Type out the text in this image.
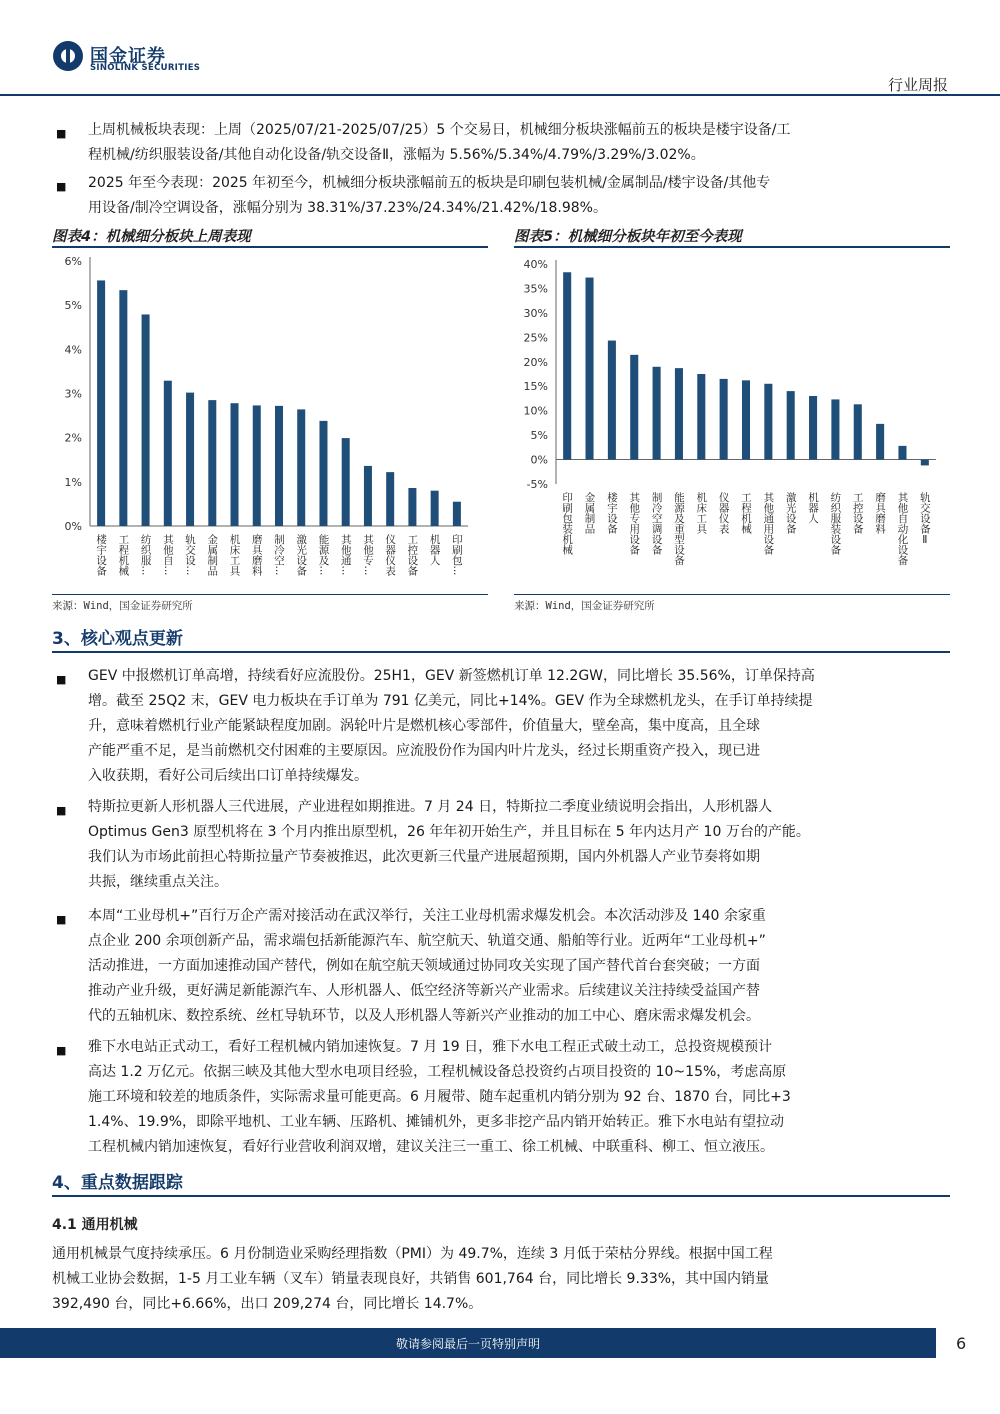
国金证券
SINOLINK SECURITIES
行业周报
■ 上周机械板块表现：上周（2025/07/21-2025/07/25）5 个交易日，机械细分板块涨幅前五的板块是楼宇设备/工
程机械/纺织服装设备/其他自动化设备/轨交设备Ⅱ，涨幅为 5.56%/5.34%/4.79%/3.29%/3.02%。
■ 2025 年至今表现：2025 年初至今，机械细分板块涨幅前五的板块是印刷包装机械/金属制品/楼宇设备/其他专
用设备/制冷空调设备，涨幅分别为 38.31%/37.23%/24.34%/21.42%/18.98%。
图表4：机械细分板块上周表现	图表5：机械细分板块年初至今表现
0%
1%
2%
3%
4%
5%
6%
楼宇设备 工程机械 纺织服... 其他自... 轨交设... 金属制品 机床工具 磨具磨料 制冷空... 激光设备 能源及... 其他通... 其他专... 仪器仪表 工控设备 机器人 印刷包...
-5%
0%
5%
10%
15%
20%
25%
30%
35%
40%
印刷包装机械 金属制品 楼宇设备 其他专用设备 制冷空调设备 能源及重型设备 机床工具 仪器仪表 工程机械 其他通用设备 激光设备 机器人 纺织服装设备 工控设备 磨具磨料 其他自动化设备 轨交设备Ⅱ
来源：Wind，国金证券研究所	来源：Wind，国金证券研究所
3、核心观点更新
■ GEV 中报燃机订单高增，持续看好应流股份。25H1，GEV 新签燃机订单 12.2GW，同比增长 35.56%，订单保持高
增。截至 25Q2 末，GEV 电力板块在手订单为 791 亿美元，同比+14%。GEV 作为全球燃机龙头，在手订单持续提
升，意味着燃机行业产能紧缺程度加剧。涡轮叶片是燃机核心零部件，价值量大，壁垒高，集中度高，且全球
产能严重不足，是当前燃机交付困难的主要原因。应流股份作为国内叶片龙头，经过长期重资产投入，现已进
入收获期，看好公司后续出口订单持续爆发。
■ 特斯拉更新人形机器人三代进展，产业进程如期推进。7 月 24 日，特斯拉二季度业绩说明会指出，人形机器人
Optimus Gen3 原型机将在 3 个月内推出原型机，26 年年初开始生产，并且目标在 5 年内达月产 10 万台的产能。
我们认为市场此前担心特斯拉量产节奏被推迟，此次更新三代量产进展超预期，国内外机器人产业节奏将如期
共振，继续重点关注。
■ 本周“工业母机+”百行万企产需对接活动在武汉举行，关注工业母机需求爆发机会。本次活动涉及 140 余家重
点企业 200 余项创新产品，需求端包括新能源汽车、航空航天、轨道交通、船舶等行业。近两年“工业母机+”
活动推进，一方面加速推动国产替代，例如在航空航天领域通过协同攻关实现了国产替代首台套突破；一方面
推动产业升级，更好满足新能源汽车、人形机器人、低空经济等新兴产业需求。后续建议关注持续受益国产替
代的五轴机床、数控系统、丝杠导轨环节，以及人形机器人等新兴产业推动的加工中心、磨床需求爆发机会。
■ 雅下水电站正式动工，看好工程机械内销加速恢复。7 月 19 日，雅下水电工程正式破土动工，总投资规模预计
高达 1.2 万亿元。依据三峡及其他大型水电项目经验，工程机械设备总投资约占项目投资的 10~15%，考虑高原
施工环境和较差的地质条件，实际需求量可能更高。6 月履带、随车起重机内销分别为 92 台、1870 台，同比+3
1.4%、19.9%，即除平地机、工业车辆、压路机、摊铺机外，更多非挖产品内销开始转正。雅下水电站有望拉动
工程机械内销加速恢复，看好行业营收利润双增，建议关注三一重工、徐工机械、中联重科、柳工、恒立液压。
4、重点数据跟踪
4.1 通用机械
通用机械景气度持续承压。6 月份制造业采购经理指数（PMI）为 49.7%，连续 3 月低于荣枯分界线。根据中国工程
机械工业协会数据，1-5 月工业车辆（叉车）销量表现良好，共销售 601,764 台，同比增长 9.33%，其中国内销量
392,490 台，同比+6.66%，出口 209,274 台，同比增长 14.7%。
敬请参阅最后一页特别声明	6
